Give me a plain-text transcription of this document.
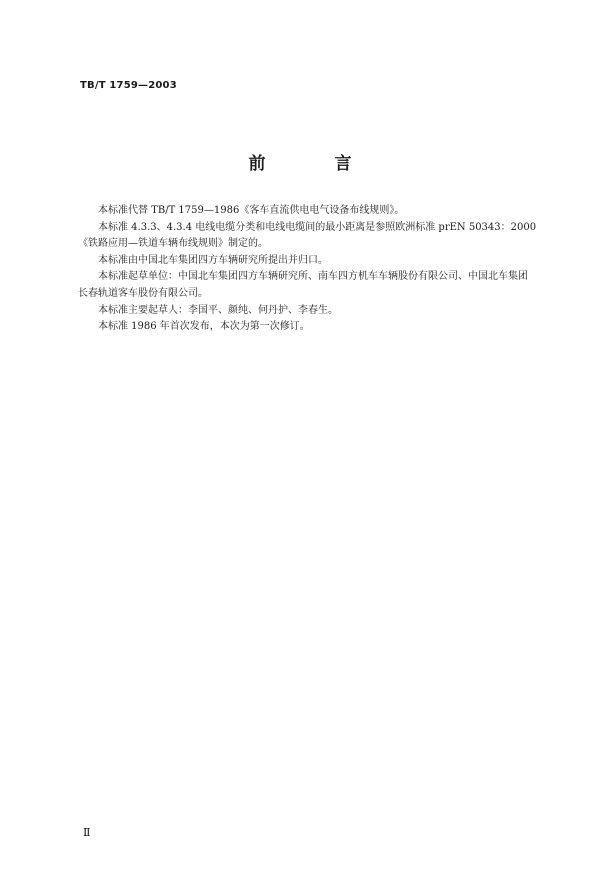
TB/T 1759—2003
前　言

本标准代替 TB/T 1759—1986《客车直流供电电气设备布线规则》。

本标准 4.3.3、4.3.4 电线电缆分类和电线电缆间的最小距离是参照欧洲标准 prEN 50343：2000

《铁路应用—铁道车辆布线规则》制定的。

本标准由中国北车集团四方车辆研究所提出并归口。

本标准起草单位：中国北车集团四方车辆研究所、南车四方机车车辆股份有限公司、中国北车集团

长春轨道客车股份有限公司。

本标准主要起草人：李国平、颜纯、何丹护、李春生。

本标准 1986 年首次发布，本次为第一次修订。

Ⅱ
